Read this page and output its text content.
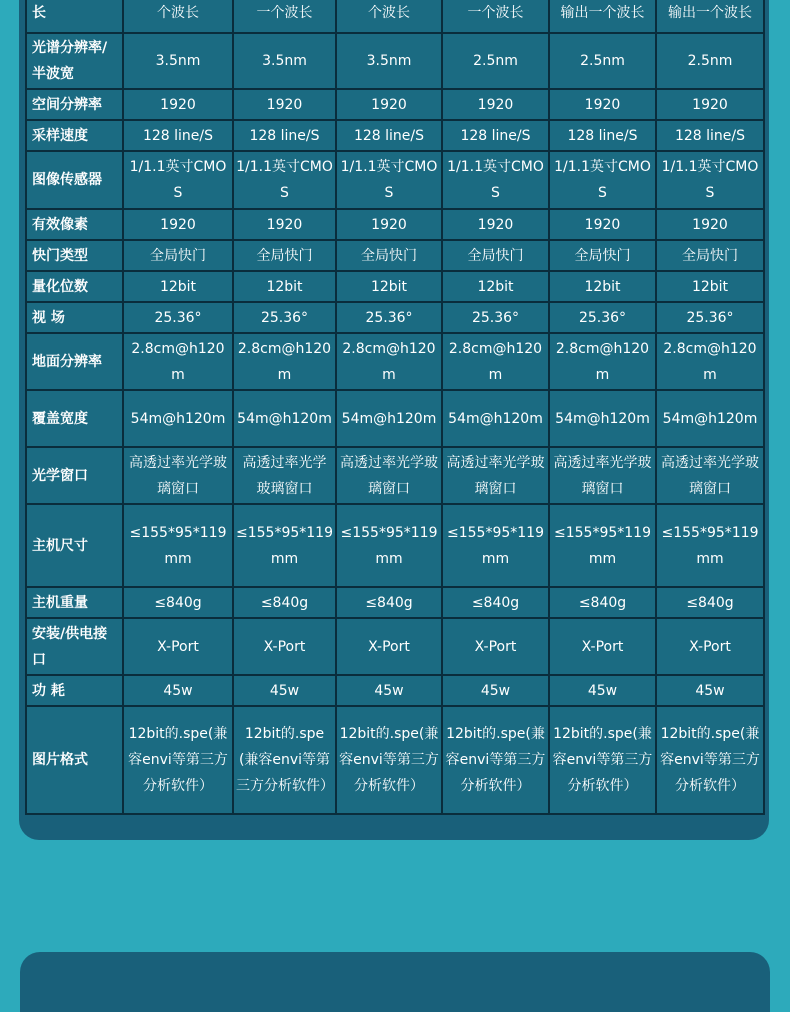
长	个波长	一个波长	个波长	一个波长	输出一个波长	输出一个波长
光谱分辨率/半波宽	3.5nm	3.5nm	3.5nm	2.5nm	2.5nm	2.5nm
空间分辨率	1920	1920	1920	1920	1920	1920
采样速度	128 line/S	128 line/S	128 line/S	128 line/S	128 line/S	128 line/S
图像传感器	1/1.1英寸CMOS	1/1.1英寸CMOS	1/1.1英寸CMOS	1/1.1英寸CMOS	1/1.1英寸CMOS	1/1.1英寸CMOS
有效像素	1920	1920	1920	1920	1920	1920
快门类型	全局快门	全局快门	全局快门	全局快门	全局快门	全局快门
量化位数	12bit	12bit	12bit	12bit	12bit	12bit
视 场	25.36°	25.36°	25.36°	25.36°	25.36°	25.36°
地面分辨率	2.8cm@h120m	2.8cm@h120m	2.8cm@h120m	2.8cm@h120m	2.8cm@h120m	2.8cm@h120m
覆盖宽度	54m@h120m	54m@h120m	54m@h120m	54m@h120m	54m@h120m	54m@h120m
光学窗口	高透过率光学玻璃窗口	高透过率光学玻璃窗口	高透过率光学玻璃窗口	高透过率光学玻璃窗口	高透过率光学玻璃窗口	高透过率光学玻璃窗口
主机尺寸	≤155*95*119mm	≤155*95*119mm	≤155*95*119mm	≤155*95*119mm	≤155*95*119mm	≤155*95*119mm
主机重量	≤840g	≤840g	≤840g	≤840g	≤840g	≤840g
安装/供电接口	X-Port	X-Port	X-Port	X-Port	X-Port	X-Port
功 耗	45w	45w	45w	45w	45w	45w
图片格式	12bit的.spe(兼容envi等第三方分析软件）	12bit的.spe(兼容envi等第三方分析软件）	12bit的.spe(兼容envi等第三方分析软件）	12bit的.spe(兼容envi等第三方分析软件）	12bit的.spe(兼容envi等第三方分析软件）	12bit的.spe(兼容envi等第三方分析软件）
